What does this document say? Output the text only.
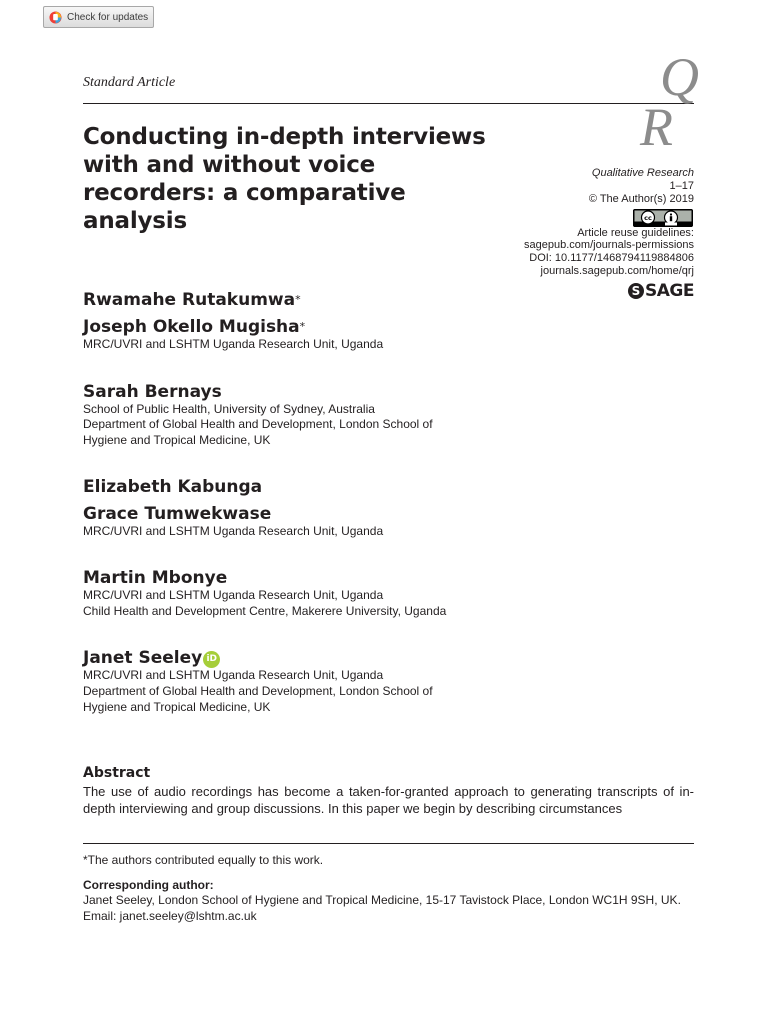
Check for updates
Standard Article	Q
R
Conducting in-depth interviews with and without voice recorders: a comparative analysis
Qualitative Research
1–17
© The Author(s) 2019
cc
Article reuse guidelines:
sagepub.com/journals-permissions
DOI: 10.1177/1468794119884806
journals.sagepub.com/home/qrj
S SAGE
Rwamahe Rutakumwa*
Joseph Okello Mugisha*
MRC/UVRI and LSHTM Uganda Research Unit, Uganda
Sarah Bernays
School of Public Health, University of Sydney, Australia
Department of Global Health and Development, London School of Hygiene and Tropical Medicine, UK
Elizabeth Kabunga
Grace Tumwekwase
MRC/UVRI and LSHTM Uganda Research Unit, Uganda
Martin Mbonye
MRC/UVRI and LSHTM Uganda Research Unit, Uganda
Child Health and Development Centre, Makerere University, Uganda
Janet Seeley iD
MRC/UVRI and LSHTM Uganda Research Unit, Uganda
Department of Global Health and Development, London School of Hygiene and Tropical Medicine, UK
Abstract
The use of audio recordings has become a taken-for-granted approach to generating transcripts of in-depth interviewing and group discussions. In this paper we begin by describing circumstances
*The authors contributed equally to this work.
Corresponding author:
Janet Seeley, London School of Hygiene and Tropical Medicine, 15-17 Tavistock Place, London WC1H 9SH, UK.
Email: janet.seeley@lshtm.ac.uk
